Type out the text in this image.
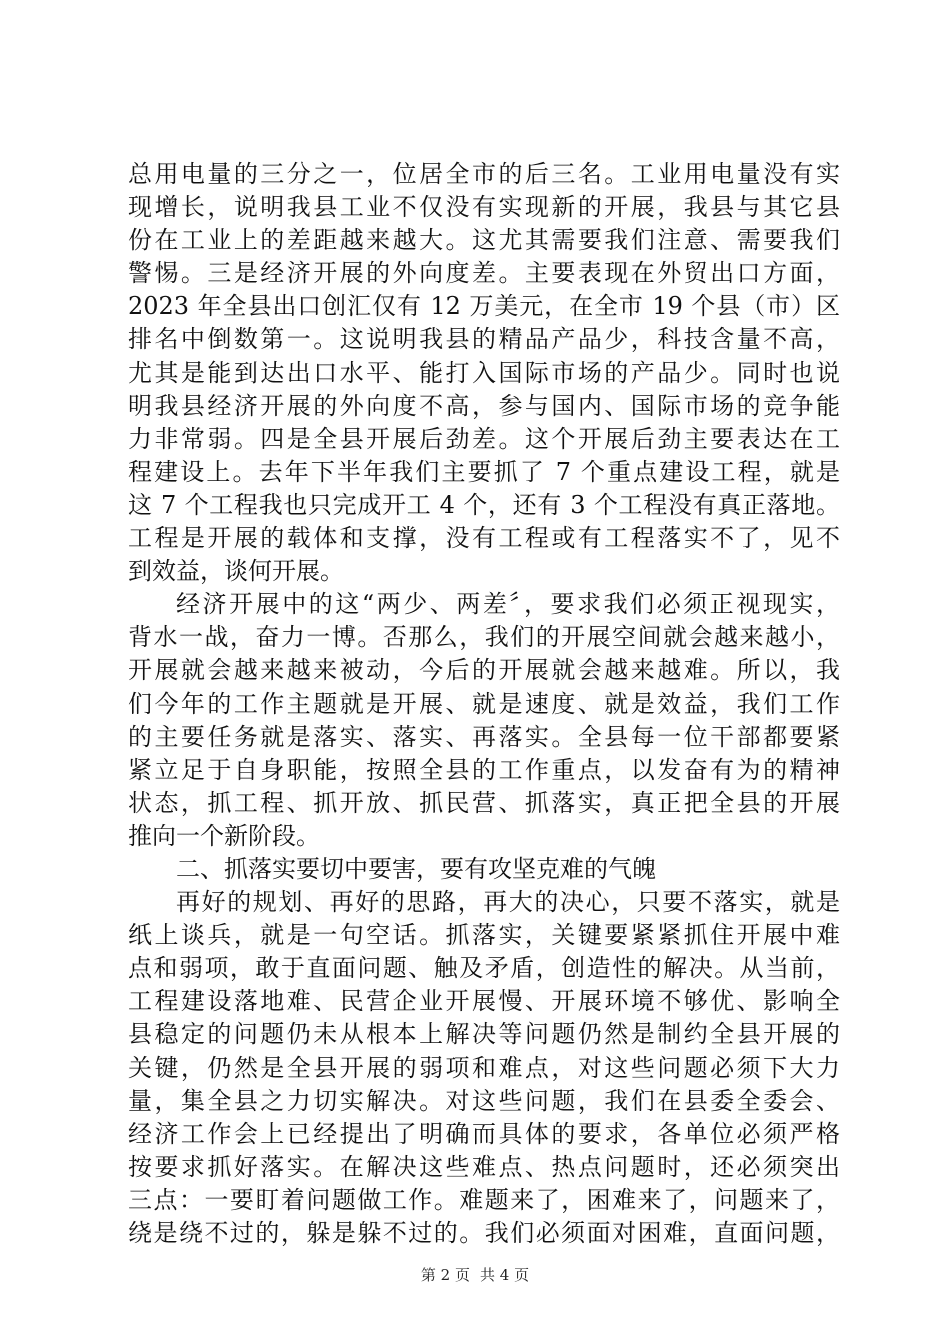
总用电量的三分之一，位居全市的后三名。工业用电量没有实
现增长，说明我县工业不仅没有实现新的开展，我县与其它县
份在工业上的差距越来越大。这尤其需要我们注意、需要我们
警惕。三是经济开展的外向度差。主要表现在外贸出口方面，
2023 年全县出口创汇仅有 12 万美元，在全市 19 个县（市）区
排名中倒数第一。这说明我县的精品产品少，科技含量不高，
尤其是能到达出口水平、能打入国际市场的产品少。同时也说
明我县经济开展的外向度不高，参与国内、国际市场的竞争能
力非常弱。四是全县开展后劲差。这个开展后劲主要表达在工
程建设上。去年下半年我们主要抓了 7 个重点建设工程，就是
这 7 个工程我也只完成开工 4 个，还有 3 个工程没有真正落地。
工程是开展的载体和支撑，没有工程或有工程落实不了，见不
到效益，谈何开展。
经济开展中的这“两少、两差〞，要求我们必须正视现实，
背水一战，奋力一博。否那么，我们的开展空间就会越来越小，
开展就会越来越来被动，今后的开展就会越来越难。所以，我
们今年的工作主题就是开展、就是速度、就是效益，我们工作
的主要任务就是落实、落实、再落实。全县每一位干部都要紧
紧立足于自身职能，按照全县的工作重点，以发奋有为的精神
状态，抓工程、抓开放、抓民营、抓落实，真正把全县的开展
推向一个新阶段。
二、抓落实要切中要害，要有攻坚克难的气魄
再好的规划、再好的思路，再大的决心，只要不落实，就是
纸上谈兵，就是一句空话。抓落实，关键要紧紧抓住开展中难
点和弱项，敢于直面问题、触及矛盾，创造性的解决。从当前，
工程建设落地难、民营企业开展慢、开展环境不够优、影响全
县稳定的问题仍未从根本上解决等问题仍然是制约全县开展的
关键，仍然是全县开展的弱项和难点，对这些问题必须下大力
量，集全县之力切实解决。对这些问题，我们在县委全委会、
经济工作会上已经提出了明确而具体的要求，各单位必须严格
按要求抓好落实。在解决这些难点、热点问题时，还必须突出
三点：一要盯着问题做工作。难题来了，困难来了，问题来了，
绕是绕不过的，躲是躲不过的。我们必须面对困难，直面问题，
第 2 页 共 4 页
